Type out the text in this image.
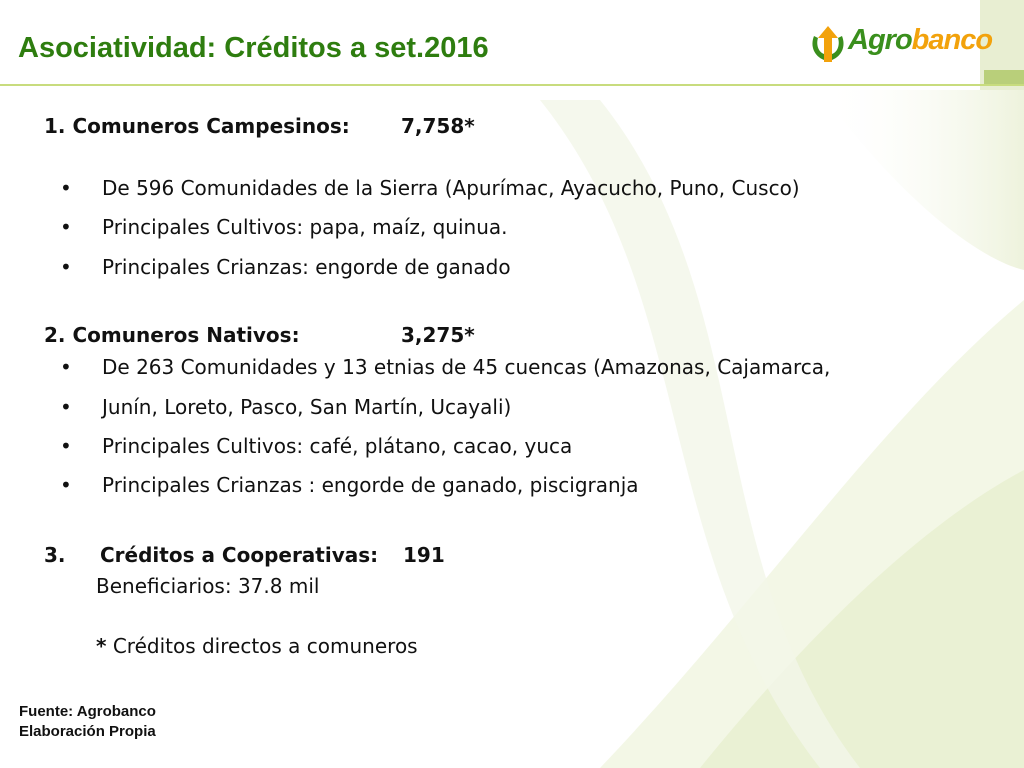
Asociatividad: Créditos a set.2016	Agrobanco
1. Comuneros Campesinos:	7,758*
• De 596 Comunidades de la Sierra (Apurímac, Ayacucho, Puno, Cusco)
• Principales Cultivos: papa, maíz, quinua.
• Principales Crianzas: engorde de ganado
2. Comuneros Nativos:	3,275*
• De 263 Comunidades y 13 etnias de 45 cuencas (Amazonas, Cajamarca,
• Junín, Loreto, Pasco, San Martín, Ucayali)
• Principales Cultivos: café, plátano, cacao, yuca
• Principales Crianzas : engorde de ganado, piscigranja
3. Créditos a Cooperativas: 191
Beneficiarios: 37.8 mil
* Créditos directos a comuneros
Fuente: Agrobanco
Elaboración Propia
